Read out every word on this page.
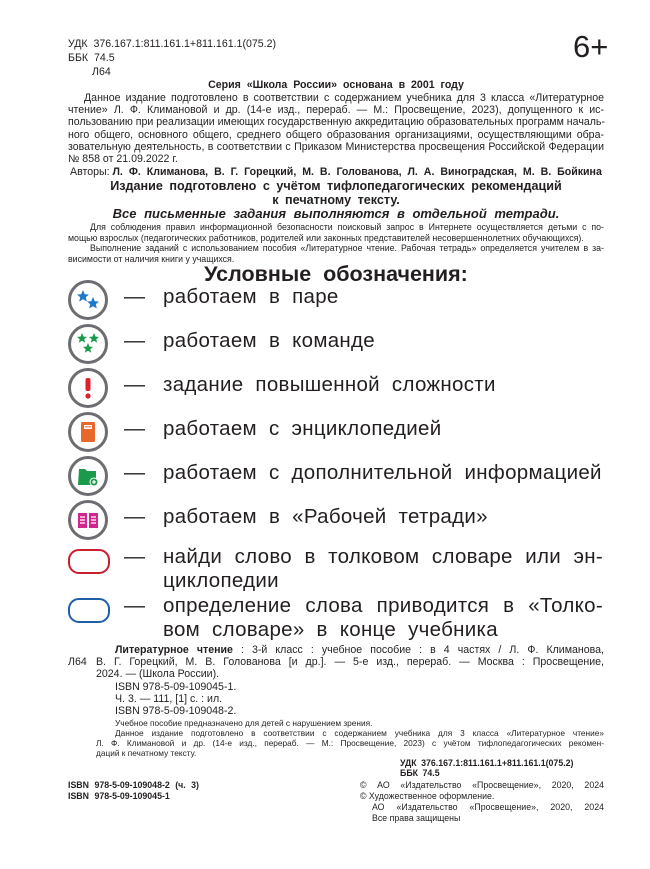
УДК 376.167.1:811.161.1+811.161.1(075.2)
ББК 74.5
Л64
6+
Серия «Школа России» основана в 2001 году
Данное издание подготовлено в соответствии с содержанием учебника для 3 класса «Литературное
чтение» Л. Ф. Климановой и др. (14-е изд., перераб. — М.: Просвещение, 2023), допущенного к ис-
пользованию при реализации имеющих государственную аккредитацию образовательных программ началь-
ного общего, основного общего, среднего общего образования организациями, осуществляющими обра-
зовательную деятельность, в соответствии с Приказом Министерства просвещения Российской Федерации
№ 858 от 21.09.2022 г.
Авторы: Л. Ф. Климанова, В. Г. Горецкий, М. В. Голованова, Л. А. Виноградская, М. В. Бойкина
Издание подготовлено с учётом тифлопедагогических рекомендаций
к печатному тексту.
Все письменные задания выполняются в отдельной тетради.
Для соблюдения правил информационной безопасности поисковый запрос в Интернете осуществляется детьми с по-
мощью взрослых (педагогических работников, родителей или законных представителей несовершеннолетних обучающихся).
Выполнение заданий с использованием пособия «Литературное чтение. Рабочая тетрадь» определяется учителем в за-
висимости от наличия книги у учащихся.
Условные обозначения:
— работаем в паре
— работаем в команде
— задание повышенной сложности
— работаем с энциклопедией
— работаем с дополнительной информацией
— работаем в «Рабочей тетради»
— найди слово в толковом словаре или эн-
циклопедии
— определение слова приводится в «Толко-
вом словаре» в конце учебника
Л64
Литературное чтение : 3-й класс : учебное пособие : в 4 частях / Л. Ф. Климанова,
В. Г. Горецкий, М. В. Голованова [и др.]. — 5-е изд., перераб. — Москва : Просвещение,
2024. — (Школа России).
ISBN 978-5-09-109045-1.
Ч. 3. — 111, [1] с. : ил.
ISBN 978-5-09-109048-2.
Учебное пособие предназначено для детей с нарушением зрения.
Данное издание подготовлено в соответствии с содержанием учебника для 3 класса «Литературное чтение»
Л. Ф. Климановой и др. (14-е изд., перераб. — М.: Просвещение, 2023) с учётом тифлопедагогических рекомен-
даций к печатному тексту.
УДК 376.167.1:811.161.1+811.161.1(075.2)
ББК 74.5
ISBN 978-5-09-109048-2 (ч. 3)
ISBN 978-5-09-109045-1
© АО «Издательство «Просвещение», 2020, 2024
© Художественное оформление.
АО «Издательство «Просвещение», 2020, 2024
Все права защищены
